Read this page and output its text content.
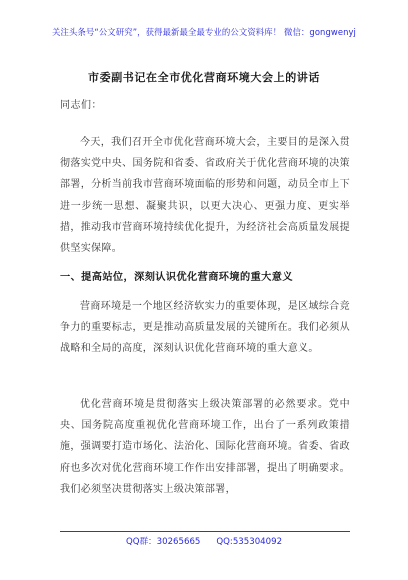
关注头条号“公文研究”，获得最新最全最专业的公文资料库！ 微信：gongwenyj
市委副书记在全市优化营商环境大会上的讲话
同志们：

今天，我们召开全市优化营商环境大会，主要目的是深入贯彻落实党中央、国务院和省委、省政府关于优化营商环境的决策部署，分析当前我市营商环境面临的形势和问题，动员全市上下进一步统一思想、凝聚共识，以更大决心、更强力度、更实举措，推动我市营商环境持续优化提升，为经济社会高质量发展提供坚实保障。

一、提高站位，深刻认识优化营商环境的重大意义

营商环境是一个地区经济软实力的重要体现，是区域综合竞争力的重要标志，更是推动高质量发展的关键所在。我们必须从战略和全局的高度，深刻认识优化营商环境的重大意义。

优化营商环境是贯彻落实上级决策部署的必然要求。党中央、国务院高度重视优化营商环境工作，出台了一系列政策措施，强调要打造市场化、法治化、国际化营商环境。省委、省政府也多次对优化营商环境工作作出安排部署，提出了明确要求。我们必须坚决贯彻落实上级决策部署，

QQ群：30265665 QQ:535304092
